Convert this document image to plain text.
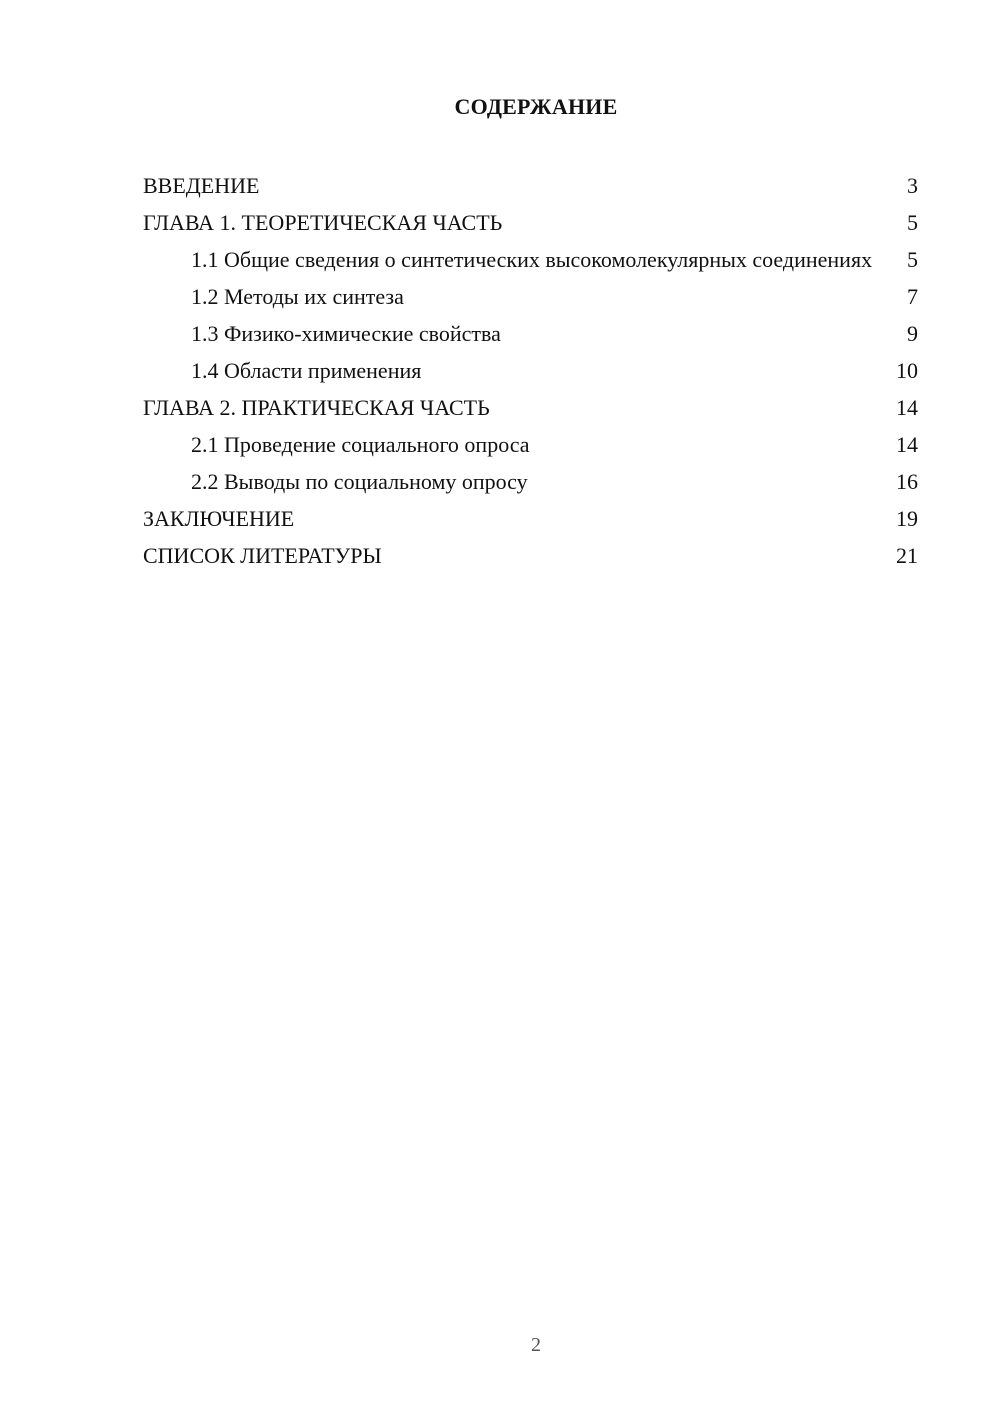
СОДЕРЖАНИЕ
ВВЕДЕНИЕ	3
ГЛАВА 1. ТЕОРЕТИЧЕСКАЯ ЧАСТЬ	5
1.1 Общие сведения о синтетических высокомолекулярных соединениях	5
1.2 Методы их синтеза	7
1.3 Физико-химические свойства	9
1.4 Области применения	10
ГЛАВА 2. ПРАКТИЧЕСКАЯ ЧАСТЬ	14
2.1 Проведение социального опроса	14
2.2 Выводы по социальному опросу	16
ЗАКЛЮЧЕНИЕ	19
СПИСОК ЛИТЕРАТУРЫ	21
2
